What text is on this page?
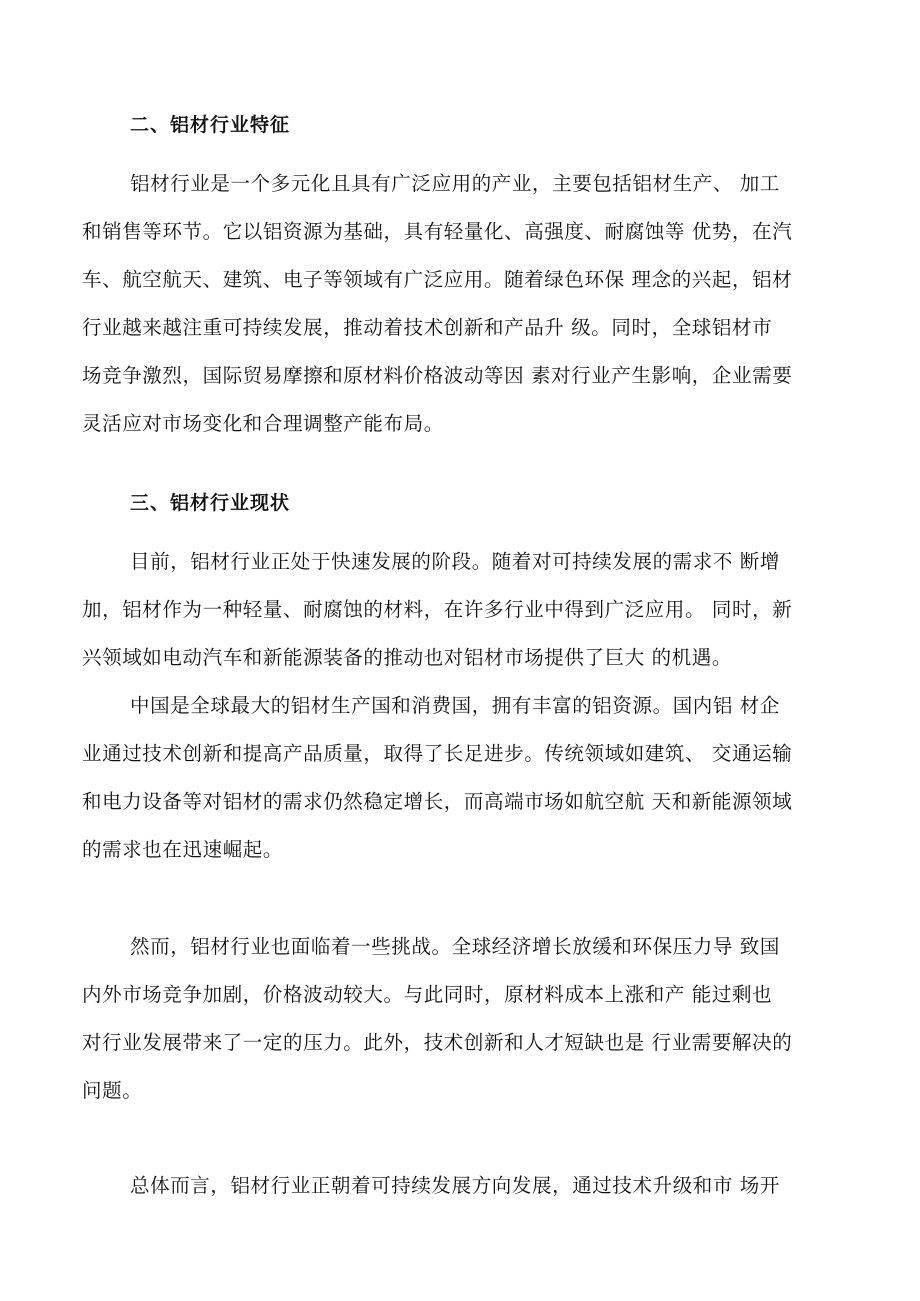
二、铝材行业特征
铝材行业是一个多元化且具有广泛应用的产业，主要包括铝材生产、 加工
和销售等环节。它以铝资源为基础，具有轻量化、高强度、耐腐蚀等 优势，在汽
车、航空航天、建筑、电子等领域有广泛应用。随着绿色环保 理念的兴起，铝材
行业越来越注重可持续发展，推动着技术创新和产品升 级。同时，全球铝材市
场竞争激烈，国际贸易摩擦和原材料价格波动等因 素对行业产生影响，企业需要
灵活应对市场变化和合理调整产能布局。
三、铝材行业现状
目前，铝材行业正处于快速发展的阶段。随着对可持续发展的需求不 断增
加，铝材作为一种轻量、耐腐蚀的材料，在许多行业中得到广泛应用。 同时，新
兴领域如电动汽车和新能源装备的推动也对铝材市场提供了巨大 的机遇。
中国是全球最大的铝材生产国和消费国，拥有丰富的铝资源。国内铝 材企
业通过技术创新和提高产品质量，取得了长足进步。传统领域如建筑、 交通运输
和电力设备等对铝材的需求仍然稳定增长，而高端市场如航空航 天和新能源领域
的需求也在迅速崛起。
然而，铝材行业也面临着一些挑战。全球经济增长放缓和环保压力导 致国
内外市场竞争加剧，价格波动较大。与此同时，原材料成本上涨和产 能过剩也
对行业发展带来了一定的压力。此外，技术创新和人才短缺也是 行业需要解决的
问题。
总体而言，铝材行业正朝着可持续发展方向发展，通过技术升级和市 场开
